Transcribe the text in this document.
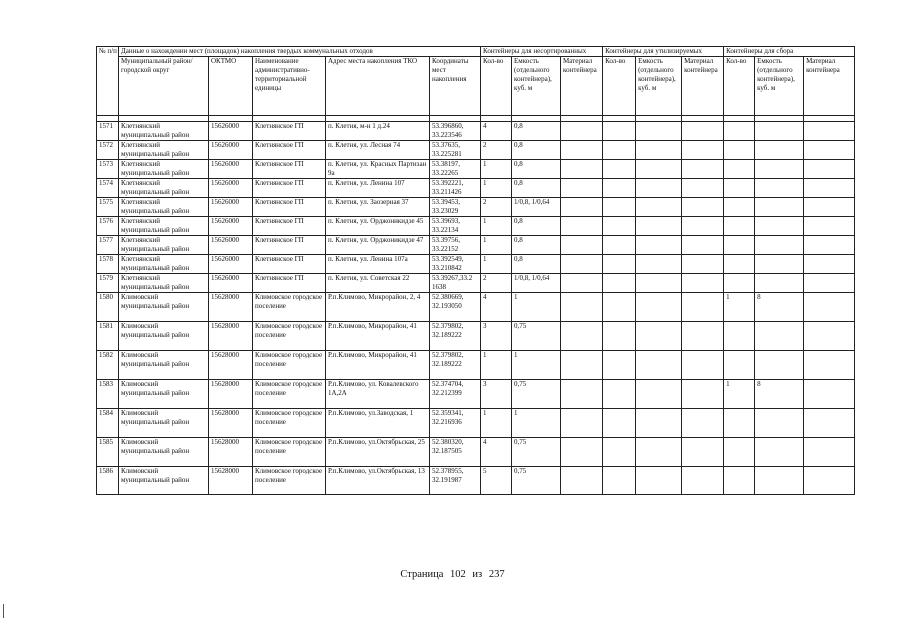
№ п/п	Данные о нахождении мест (площадок) накопления твердых коммунальных отходов					Контейнеры для несортированных			Контейнеры для утилизируемых			Контейнеры для сбора		
	Муниципальный район/городской округ	ОКТМО	Наименование административно-территориальной единицы	Адрес места накопления ТКО	Координаты мест накопления	Кол-во	Емкость (отдельного контейнера), куб. м	Материал контейнера	Кол-во	Емкость (отдельного контейнера), куб. м	Материал контейнера	Кол-во	Емкость (отдельного контейнера), куб. м	Материал контейнера

1571	Клетнянский муниципальный район	15626000	Клетнянское ГП	п. Клетня, м-н 1 д.24	53.396860, 33.223546	4	0,8							
1572	Клетнянский муниципальный район	15626000	Клетнянское ГП	п. Клетня, ул. Лесная 74	53.37635, 33.225281	2	0,8							
1573	Клетнянский муниципальный район	15626000	Клетнянское ГП	п. Клетня, ул. Красных Партизан 9а	53.38197, 33.22265	1	0,8							
1574	Клетнянский муниципальный район	15626000	Клетнянское ГП	п. Клетня, ул. Ленина 107	53.392221, 33.211426	1	0,8							
1575	Клетнянский муниципальный район	15626000	Клетнянское ГП	п. Клетня, ул. Заозерная 37	53.39453, 33.23029	2	1/0,8, 1/0,64							
1576	Клетнянский муниципальный район	15626000	Клетнянское ГП	п. Клетня, ул. Орджоникидзе 45	53.39693, 33.22134	1	0,8							
1577	Клетнянский муниципальный район	15626000	Клетнянское ГП	п. Клетня, ул. Орджоникидзе 47	53.39756, 33.22152	1	0,8							
1578	Клетнянский муниципальный район	15626000	Клетнянское ГП	п. Клетня, ул. Ленина 107а	53.392549, 33.210842	1	0,8							
1579	Клетнянский муниципальный район	15626000	Клетнянское ГП	п. Клетня, ул. Советская 22	53.39267,33.2 1638	2	1/0,8, 1/0,64							
1580	Климовский муниципальный район	15628000	Климовское городское поселение	Р.п.Климово, Микрорайон, 2, 4	52.380669, 32.193050	4	1					1	8	
1581	Климовский муниципальный район	15628000	Климовское городское поселение	Р.п.Климово, Микрорайон, 41	52.379802, 32.189222	3	0,75							
1582	Климовский муниципальный район	15628000	Климовское городское поселение	Р.п.Климово, Микрорайон, 41	52.379802, 32.189222	1	1							
1583	Климовский муниципальный район	15628000	Климовское городское поселение	Р.п.Климово, ул. Ковалевского 1А,2А	52.374704, 32.212399	3	0,75					1	8	
1584	Климовский муниципальный район	15628000	Климовское городское поселение	Р.п.Климово, ул.Заводская, 1	52.359341, 32.216936	1	1							
1585	Климовский муниципальный район	15628000	Климовское городское поселение	Р.п.Климово, ул.Октябрьская, 25	52.380320, 32.187505	4	0,75							
1586	Климовский муниципальный район	15628000	Климовское городское поселение	Р.п.Климово, ул.Октябрьская, 13	52.378955, 32.191987	5	0,75							
Страница 102 из 237
